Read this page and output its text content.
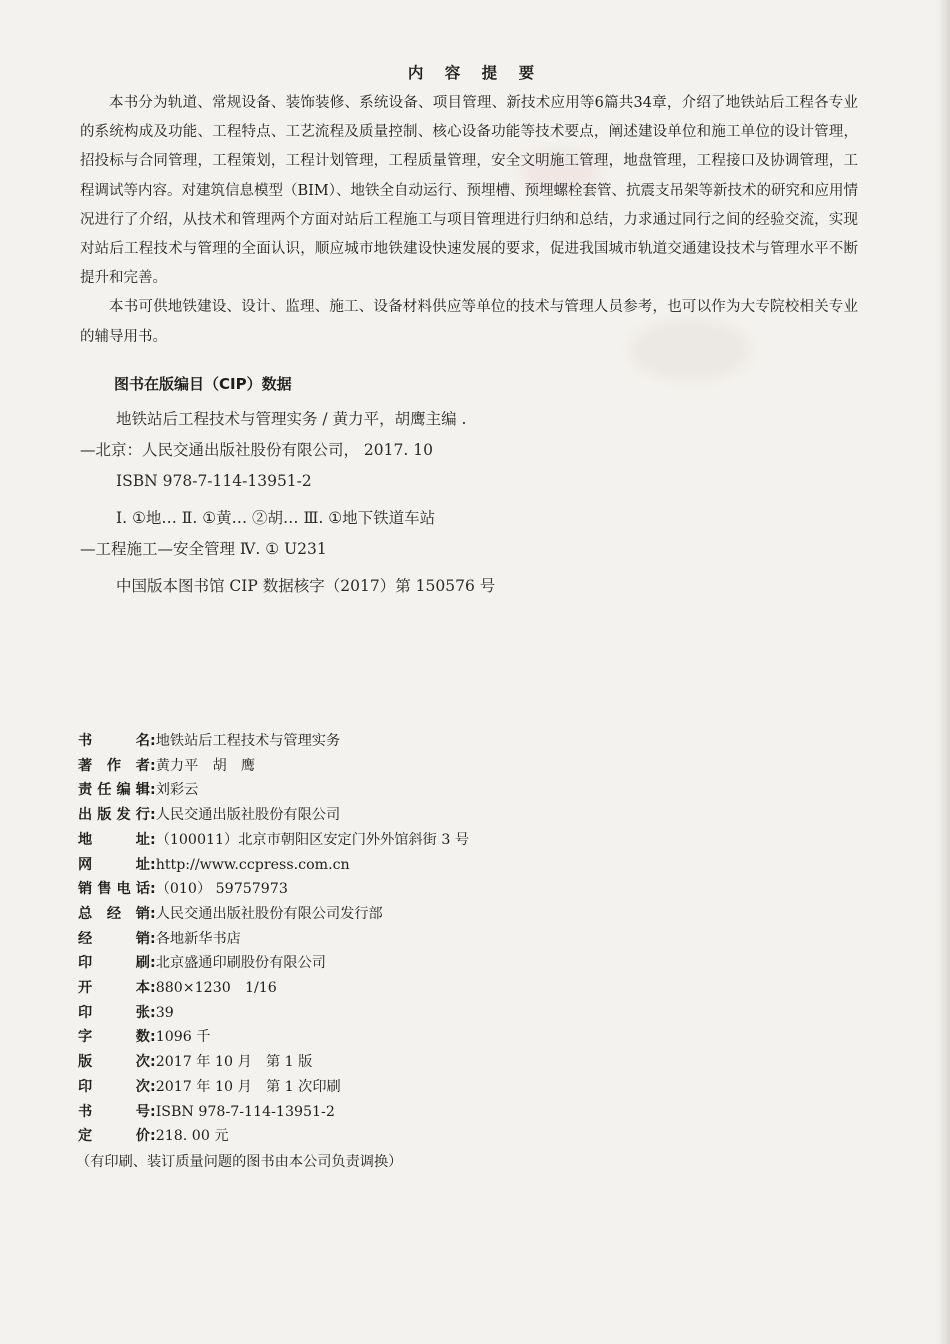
内 容 提 要

本书分为轨道、常规设备、装饰装修、系统设备、项目管理、新技术应用等6篇共34章，介绍了地铁站后工程各专业的系统构成及功能、工程特点、工艺流程及质量控制、核心设备功能等技术要点，阐述建设单位和施工单位的设计管理，招投标与合同管理，工程策划，工程计划管理，工程质量管理，安全文明施工管理，地盘管理，工程接口及协调管理，工程调试等内容。对建筑信息模型（BIM）、地铁全自动运行、预埋槽、预埋螺栓套管、抗震支吊架等新技术的研究和应用情况进行了介绍，从技术和管理两个方面对站后工程施工与项目管理进行归纳和总结，力求通过同行之间的经验交流，实现对站后工程技术与管理的全面认识，顺应城市地铁建设快速发展的要求，促进我国城市轨道交通建设技术与管理水平不断提升和完善。

本书可供地铁建设、设计、监理、施工、设备材料供应等单位的技术与管理人员参考，也可以作为大专院校相关专业的辅导用书。

图书在版编目（CIP）数据
地铁站后工程技术与管理实务 / 黄力平，胡鹰主编 .
—北京：人民交通出版社股份有限公司， 2017. 10
ISBN 978-7-114-13951-2
Ⅰ. ①地… Ⅱ. ①黄… ②胡… Ⅲ. ①地下铁道车站
—工程施工—安全管理 Ⅳ. ① U231
中国版本图书馆 CIP 数据核字（2017）第 150576 号
书名 : 地铁站后工程技术与管理实务
著作者 : 黄力平　胡　鹰
责任编辑 : 刘彩云
出版发行 : 人民交通出版社股份有限公司
地址 : （100011）北京市朝阳区安定门外外馆斜街 3 号
网址 : http://www.ccpress.com.cn
销售电话 : （010） 59757973
总经销 : 人民交通出版社股份有限公司发行部
经销 : 各地新华书店
印刷 : 北京盛通印刷股份有限公司
开本 : 880×1230　1/16
印张 : 39
字数 : 1096 千
版次 : 2017 年 10 月　第 1 版
印次 : 2017 年 10 月　第 1 次印刷
书号 : ISBN 978-7-114-13951-2
定价 : 218. 00 元
（有印刷、装订质量问题的图书由本公司负责调换）
